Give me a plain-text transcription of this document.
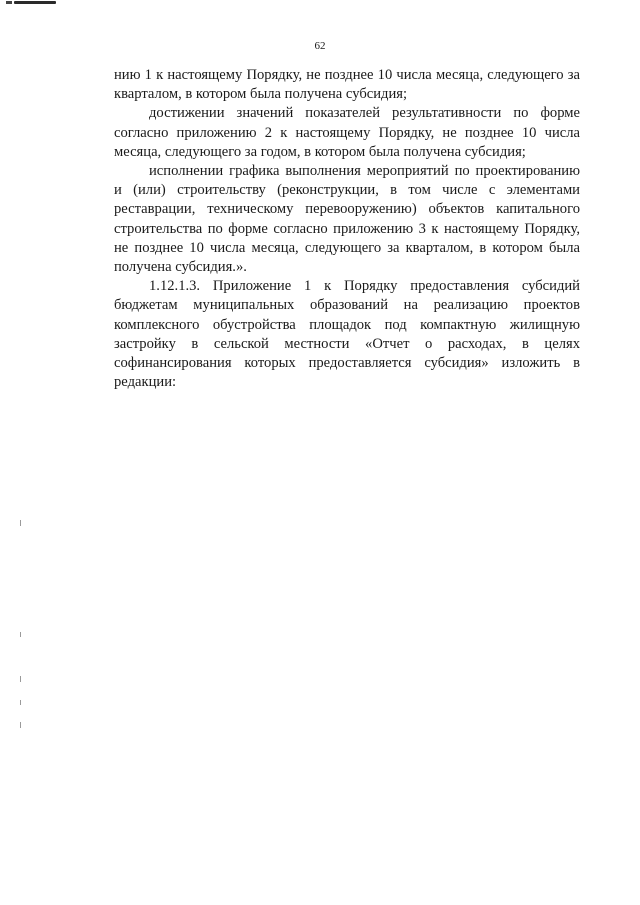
62

нию 1 к настоящему Порядку, не позднее 10 числа месяца, следующего за кварталом, в котором была получена субсидия;

достижении значений показателей результативности по форме согласно приложению 2 к настоящему Порядку, не позднее 10 числа месяца, следующего за годом, в котором была получена субсидия;

исполнении графика выполнения мероприятий по проектированию и (или) строительству (реконструкции, в том числе с элементами реставрации, техническому перевооружению) объектов капитального строительства по форме согласно приложению 3 к настоящему Порядку, не позднее 10 числа месяца, следующего за кварталом, в котором была получена субсидия.».

1.12.1.3. Приложение 1 к Порядку предоставления субсидий бюджетам муниципальных образований на реализацию проектов комплексного обустройства площадок под компактную жилищную застройку в сельской местности «Отчет о расходах, в целях софинансирования которых предоставляется субсидия» изложить в редакции:
